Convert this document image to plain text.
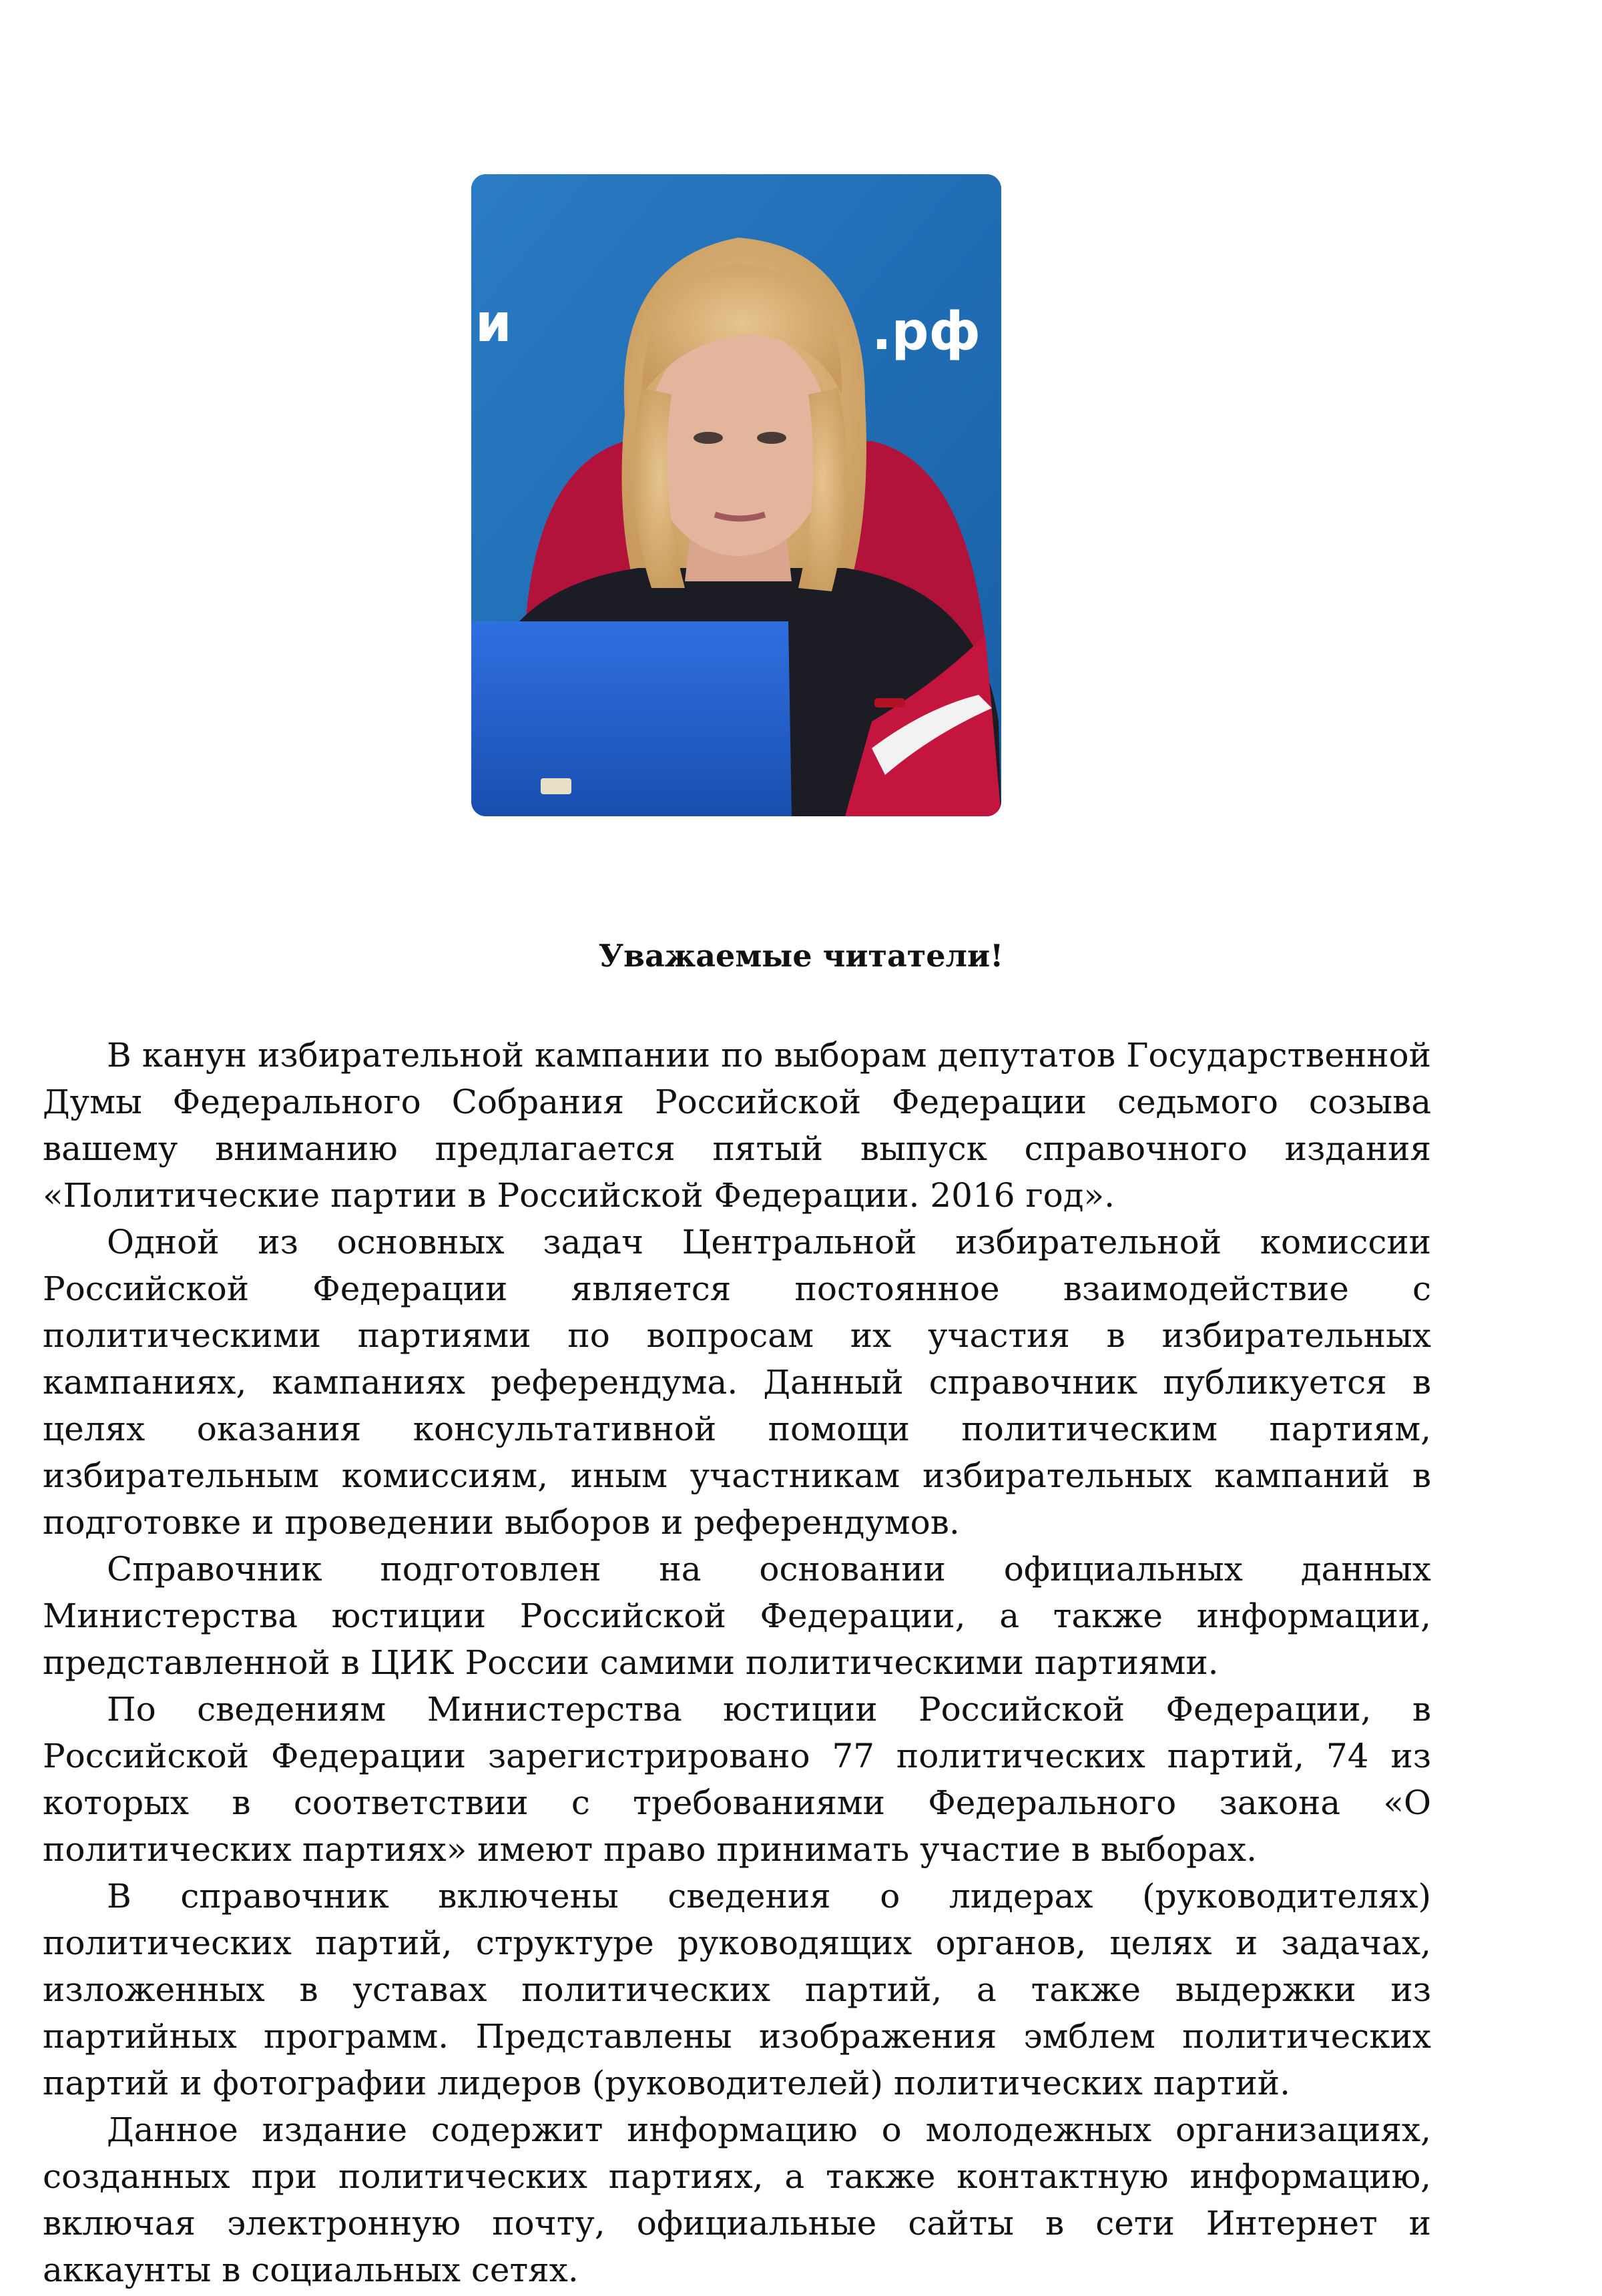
и	.рф
Уважаемые читатели!

В канун избирательной кампании по выборам депутатов Государственной Думы Федерального Собрания Российской Федерации седьмого созыва вашему вниманию предлагается пятый выпуск справочного издания «Политические партии в Российской Федерации. 2016 год».

Одной из основных задач Центральной избирательной комиссии Российской Федерации является постоянное взаимодействие с политическими партиями по вопросам их участия в избирательных кампаниях, кампаниях референдума. Данный справочник публикуется в целях оказания консультативной помощи политическим партиям, избирательным комиссиям, иным участникам избирательных кампаний в подготовке и проведении выборов и референдумов.

Справочник подготовлен на основании официальных данных Министерства юстиции Российской Федерации, а также информации, представленной в ЦИК России самими политическими партиями.

По сведениям Министерства юстиции Российской Федерации, в Российской Федерации зарегистрировано 77 политических партий, 74 из которых в соответствии с требованиями Федерального закона «О политических партиях» имеют право принимать участие в выборах.

В справочник включены сведения о лидерах (руководителях) политических партий, структуре руководящих органов, целях и задачах, изложенных в уставах политических партий, а также выдержки из партийных программ. Представлены изображения эмблем политических партий и фотографии лидеров (руководителей) политических партий.

Данное издание содержит информацию о молодежных организациях, созданных при политических партиях, а также контактную информацию, включая электронную почту, официальные сайты в сети Интернет и аккаунты в социальных сетях.
